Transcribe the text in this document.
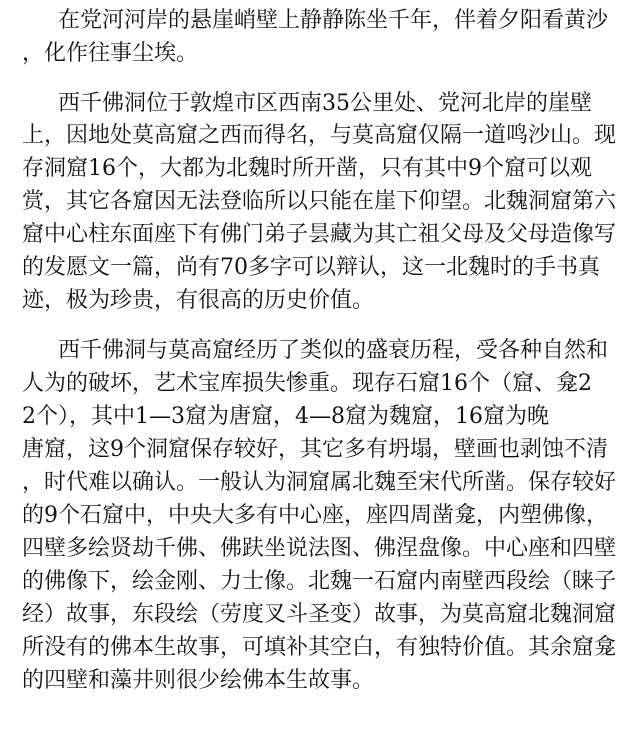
在党河河岸的悬崖峭壁上静静陈坐千年，伴着夕阳看黄沙
，化作往事尘埃。
西千佛洞位于敦煌市区西南35公里处、党河北岸的崖壁
上，因地处莫高窟之西而得名，与莫高窟仅隔一道鸣沙山。现
存洞窟16个，大都为北魏时所开凿，只有其中9个窟可以观
赏，其它各窟因无法登临所以只能在崖下仰望。北魏洞窟第六
窟中心柱东面座下有佛门弟子昙藏为其亡祖父母及父母造像写
的发愿文一篇，尚有70多字可以辩认，这一北魏时的手书真
迹，极为珍贵，有很高的历史价值。
西千佛洞与莫高窟经历了类似的盛衰历程，受各种自然和
人为的破坏，艺术宝库损失惨重。现存石窟16个（窟、龛2
2个），其中1—3窟为唐窟，4—8窟为魏窟，16窟为晚
唐窟，这9个洞窟保存较好，其它多有坍塌，壁画也剥蚀不清
，时代难以确认。一般认为洞窟属北魏至宋代所凿。保存较好
的9个石窟中，中央大多有中心座，座四周凿龛，内塑佛像，
四壁多绘贤劫千佛、佛趺坐说法图、佛涅盘像。中心座和四壁
的佛像下，绘金刚、力士像。北魏一石窟内南壁西段绘（睐子
经）故事，东段绘（劳度叉斗圣变）故事，为莫高窟北魏洞窟
所没有的佛本生故事，可填补其空白，有独特价值。其余窟龛
的四壁和藻井则很少绘佛本生故事。
